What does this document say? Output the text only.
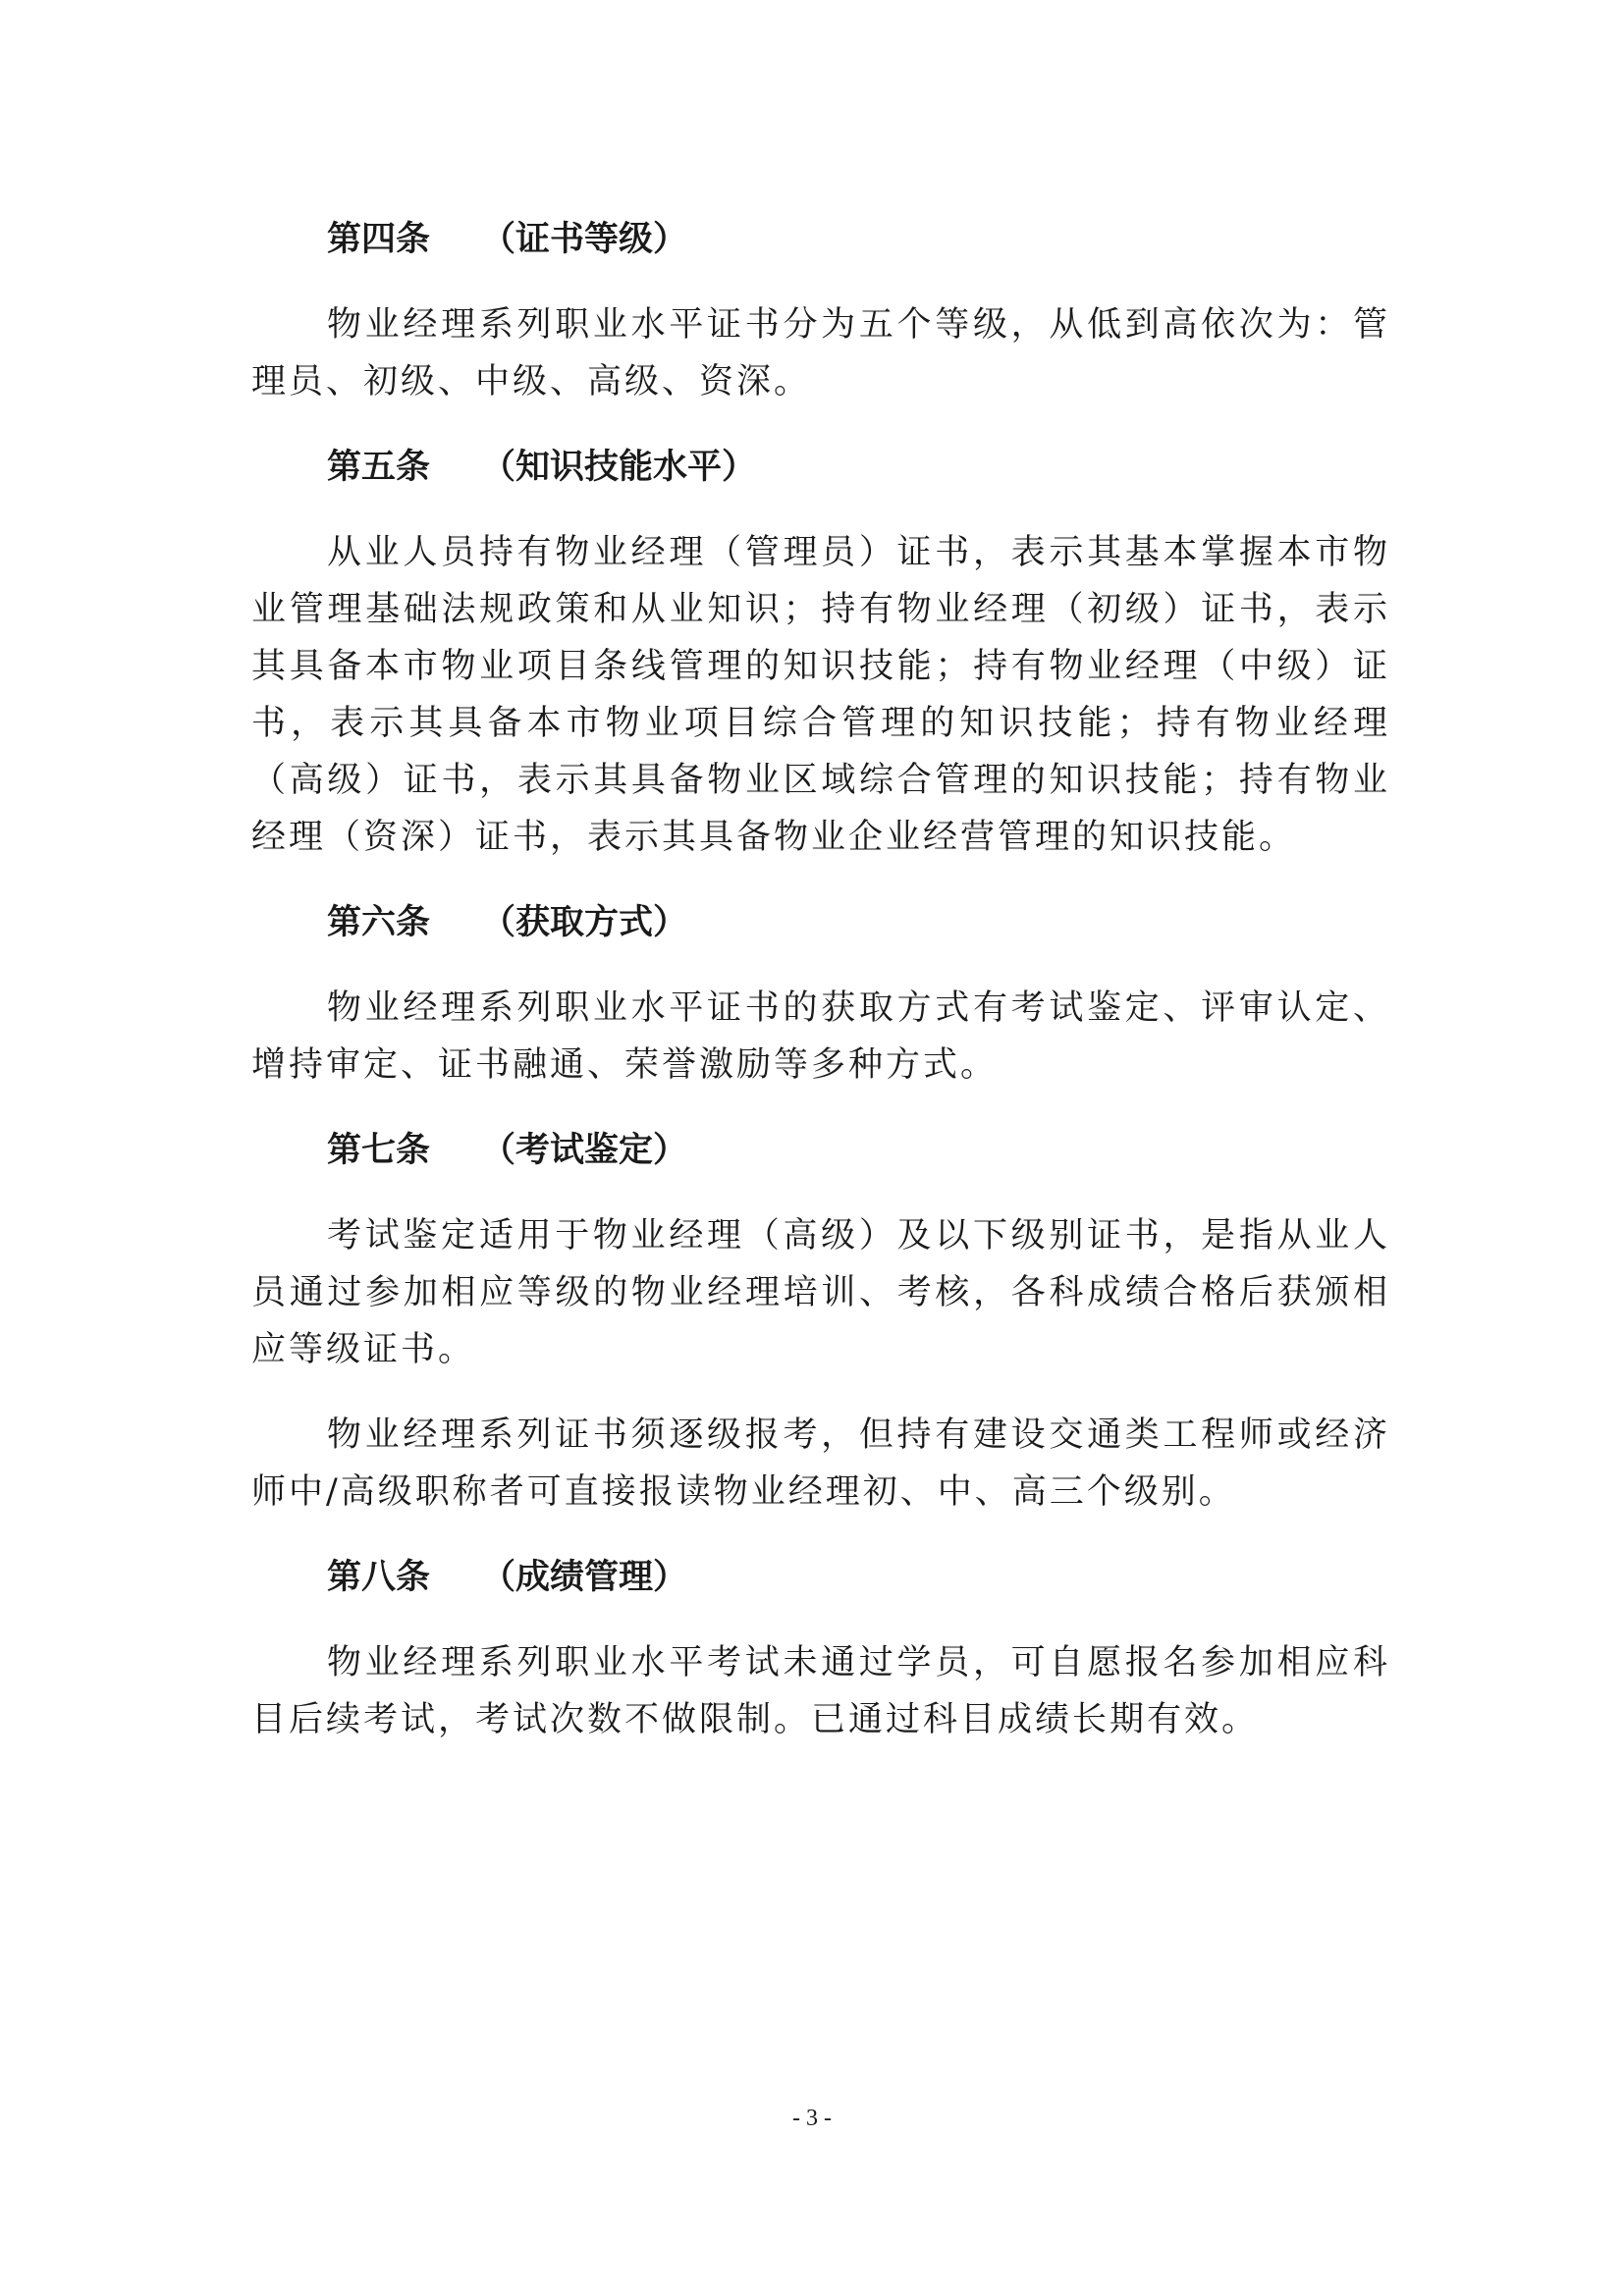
第四条 （证书等级）

物业经理系列职业水平证书分为五个等级，从低到高依次为：管理员、初级、中级、高级、资深。

第五条 （知识技能水平）

从业人员持有物业经理（管理员）证书，表示其基本掌握本市物业管理基础法规政策和从业知识；持有物业经理（初级）证书，表示其具备本市物业项目条线管理的知识技能；持有物业经理（中级）证书，表示其具备本市物业项目综合管理的知识技能；持有物业经理（高级）证书，表示其具备物业区域综合管理的知识技能；持有物业经理（资深）证书，表示其具备物业企业经营管理的知识技能。

第六条 （获取方式）

物业经理系列职业水平证书的获取方式有考试鉴定、评审认定、增持审定、证书融通、荣誉激励等多种方式。

第七条 （考试鉴定）

考试鉴定适用于物业经理（高级）及以下级别证书，是指从业人员通过参加相应等级的物业经理培训、考核，各科成绩合格后获颁相应等级证书。

物业经理系列证书须逐级报考，但持有建设交通类工程师或经济师中/高级职称者可直接报读物业经理初、中、高三个级别。

第八条 （成绩管理）

物业经理系列职业水平考试未通过学员，可自愿报名参加相应科目后续考试，考试次数不做限制。已通过科目成绩长期有效。

- 3 -
